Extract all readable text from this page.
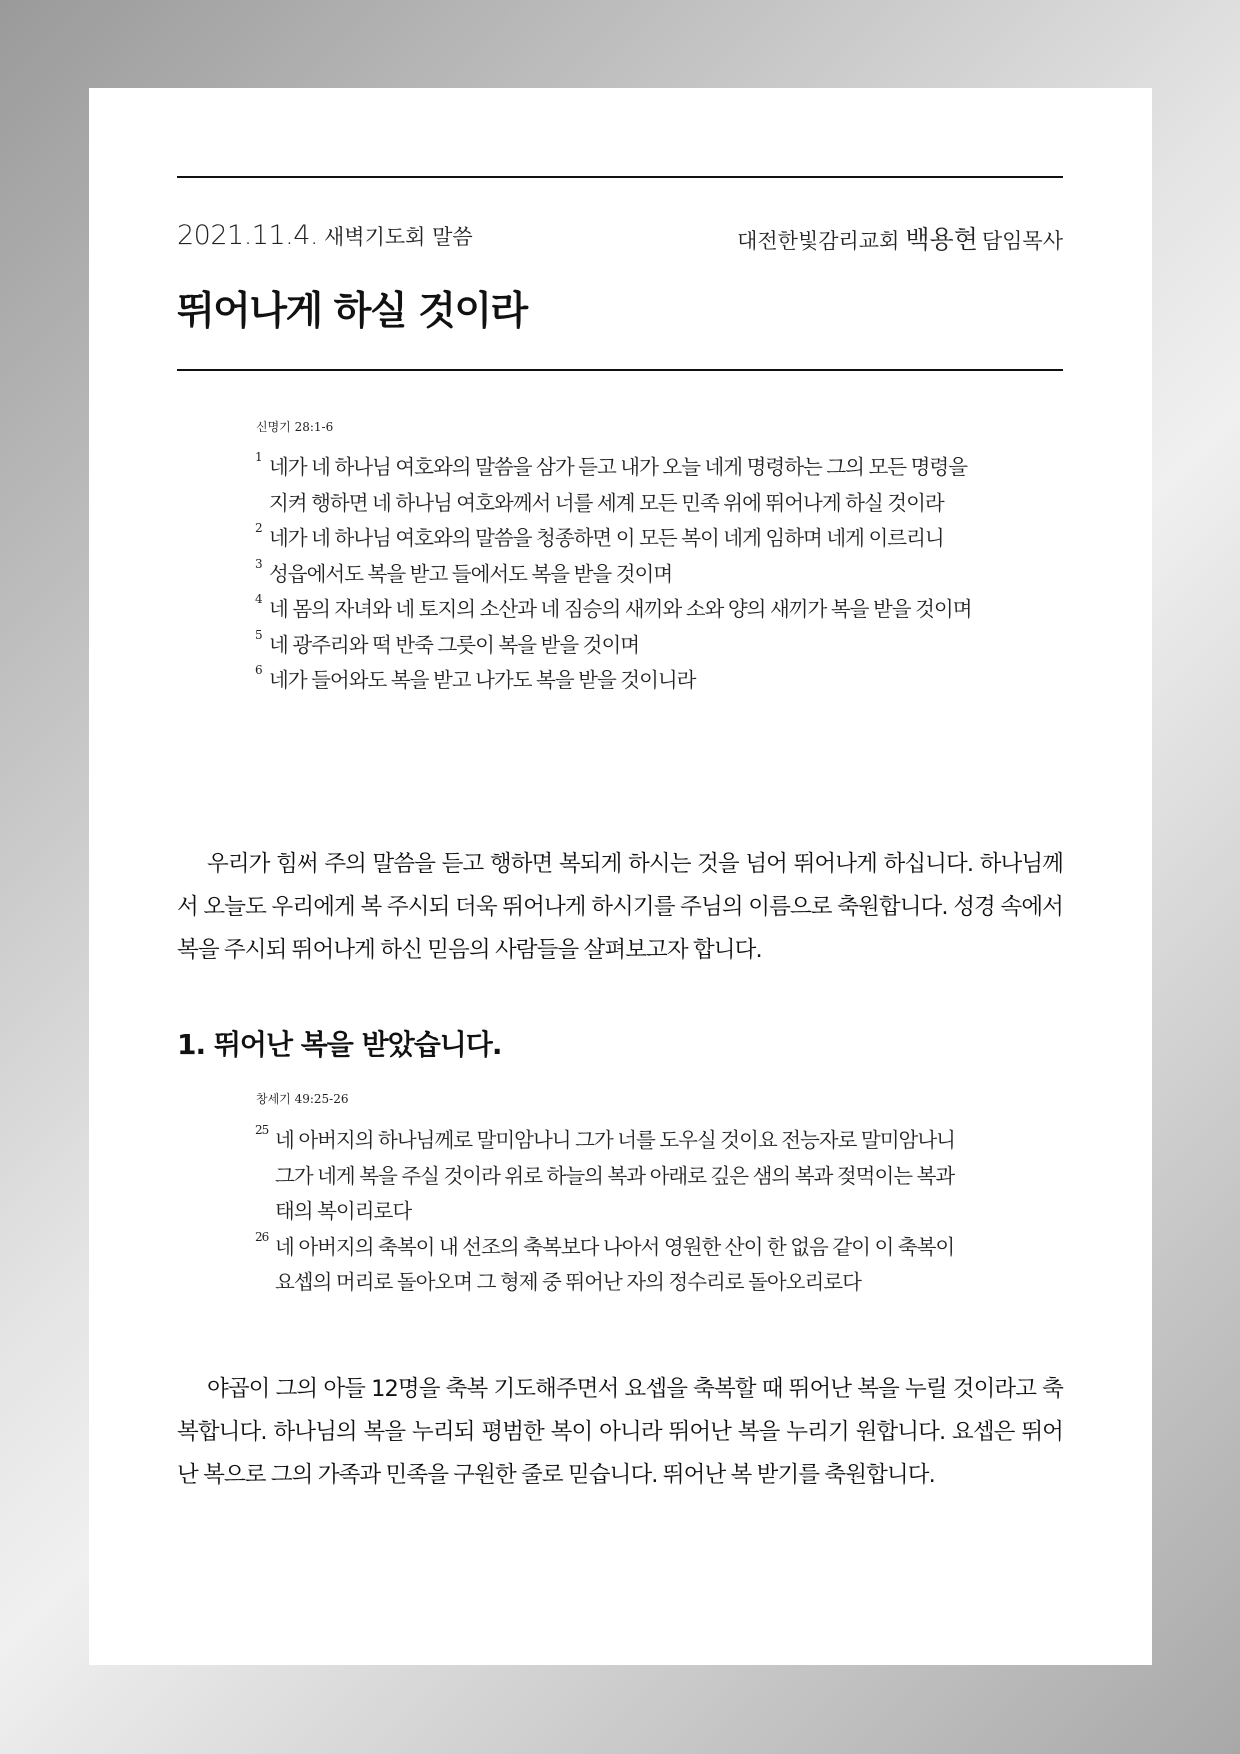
2021.11.4. 새벽기도회 말씀	대전한빛감리교회 백용현 담임목사
뛰어나게 하실 것이라
신명기 28:1-6
1 네가 네 하나님 여호와의 말씀을 삼가 듣고 내가 오늘 네게 명령하는 그의 모든 명령을 지켜 행하면 네 하나님 여호와께서 너를 세계 모든 민족 위에 뛰어나게 하실 것이라
2 네가 네 하나님 여호와의 말씀을 청종하면 이 모든 복이 네게 임하며 네게 이르리니
3 성읍에서도 복을 받고 들에서도 복을 받을 것이며
4 네 몸의 자녀와 네 토지의 소산과 네 짐승의 새끼와 소와 양의 새끼가 복을 받을 것이며
5 네 광주리와 떡 반죽 그릇이 복을 받을 것이며
6 네가 들어와도 복을 받고 나가도 복을 받을 것이니라

우리가 힘써 주의 말씀을 듣고 행하면 복되게 하시는 것을 넘어 뛰어나게 하십니다. 하나님께서 오늘도 우리에게 복 주시되 더욱 뛰어나게 하시기를 주님의 이름으로 축원합니다. 성경 속에서 복을 주시되 뛰어나게 하신 믿음의 사람들을 살펴보고자 합니다.

1. 뛰어난 복을 받았습니다.
창세기 49:25-26
25 네 아버지의 하나님께로 말미암나니 그가 너를 도우실 것이요 전능자로 말미암나니 그가 네게 복을 주실 것이라 위로 하늘의 복과 아래로 깊은 샘의 복과 젖먹이는 복과 태의 복이리로다
26 네 아버지의 축복이 내 선조의 축복보다 나아서 영원한 산이 한 없음 같이 이 축복이 요셉의 머리로 돌아오며 그 형제 중 뛰어난 자의 정수리로 돌아오리로다

야곱이 그의 아들 12명을 축복 기도해주면서 요셉을 축복할 때 뛰어난 복을 누릴 것이라고 축복합니다. 하나님의 복을 누리되 평범한 복이 아니라 뛰어난 복을 누리기 원합니다. 요셉은 뛰어난 복으로 그의 가족과 민족을 구원한 줄로 믿습니다. 뛰어난 복 받기를 축원합니다.
